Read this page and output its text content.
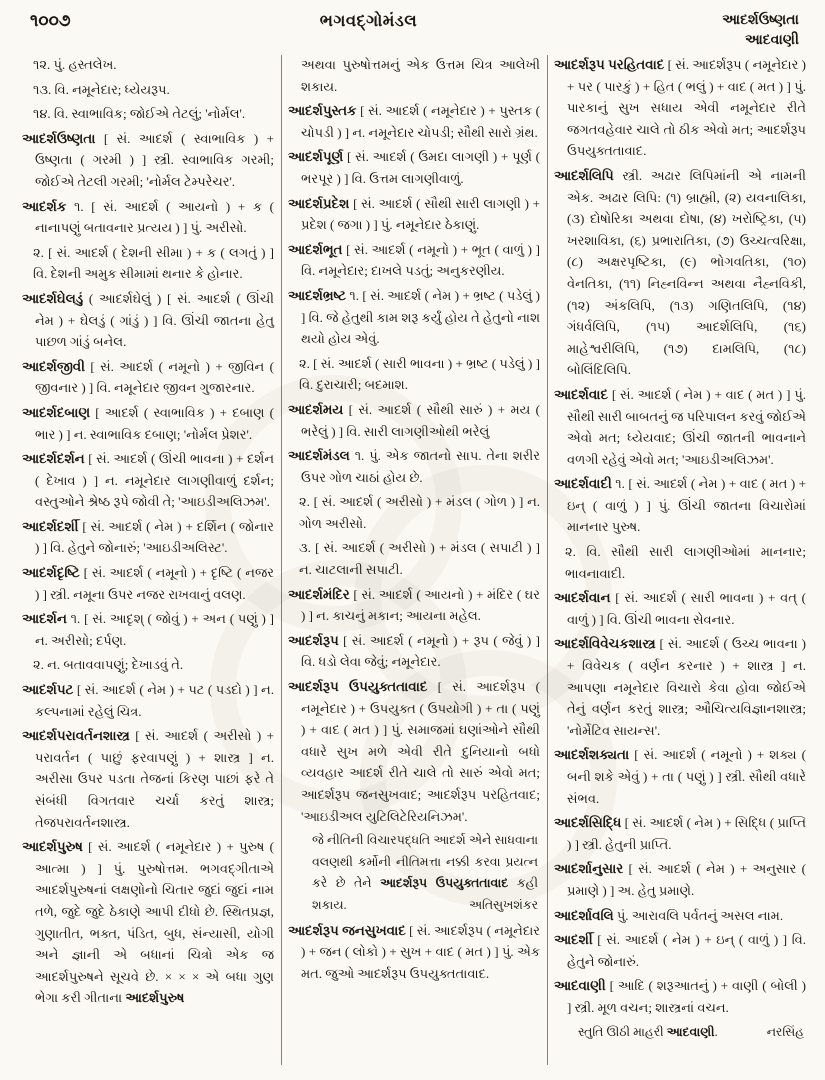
૧૦૦૭	ભગવદ્ગોમંડલ	આદર્શઉષ્ણતા
આદવાણી

૧૨. પું. હસ્તલેખ.

૧૩. વિ. નમૂનેદાર; ધ્યેયરૂપ.

૧૪. વિ. સ્વાભાવિક; જોઈએ તેટલું; 'નોર્મલ'.

આદર્શઉષ્ણતા [ સં. આદર્શ ( સ્વાભાવિક ) + ઉષ્ણતા ( ગરમી ) ] સ્ત્રી. સ્વાભાવિક ગરમી; જોઈએ તેટલી ગરમી; 'નોર્મલ ટેમ્પરેચર'.

આદર્શક ૧. [ સં. આદર્શ ( આયનો ) + ક ( નાનાપણું બતાવનાર પ્રત્યય ) ] પું. અરીસો.

૨. [ સં. આદર્શ ( દેશની સીમા ) + ક ( લગતું ) ] વિ. દેશની અમુક સીમામાં થનાર કે હોનાર.

આદર્શઘેલડું ( આદર્શઘેલું ) [ સં. આદર્શ ( ઊંચી નેમ ) + ઘેલડું ( ગાંડું ) ] વિ. ઊંચી જાતના હેતુ પાછળ ગાંડું બનેલ.

આદર્શજીવી [ સં. આદર્શ ( નમૂનો ) + જીવિન ( જીવનાર ) ] વિ. નમૂનેદાર જીવન ગુજારનાર.

આદર્શદબાણ [ આદર્શ ( સ્વાભાવિક ) + દબાણ ( ભાર ) ] ન. સ્વાભાવિક દબાણ; 'નોર્મલ પ્રેશર'.

આદર્શદર્શન [ સં. આદર્શ ( ઊંચી ભાવના ) + દર્શન ( દેખાવ ) ] ન. નમૂનેદાર લાગણીવાળું દર્શન; વસ્તુઓને શ્રેષ્ઠ રૂપે જોવી તે; 'આઇડીઅલિઝમ'.

આદર્શદર્શી [ સં. આદર્શ ( નેમ ) + દર્શિન ( જોનાર ) ] વિ. હેતુને જોનારું; 'આઇડીઅલિસ્ટ'.

આદર્શદૃષ્ટિ [ સં. આદર્શ ( નમૂનો ) + દૃષ્ટિ ( નજર ) ] સ્ત્રી. નમૂના ઉપર નજર રાખવાનું વલણ.

આદર્શન ૧. [ સં. આદૃશ્ ( જોવું ) + અન ( પણું ) ] ન. અરીસો; દર્પણ.

૨. ન. બતાવવાપણું; દેખાડવું તે.

આદર્શપટ [ સં. આદર્શ ( નેમ ) + પટ ( પડદો ) ] ન. કલ્પનામાં રહેલું ચિત્ર.

આદર્શપરાવર્તનશાસ્ત્ર [ સં. આદર્શ ( અરીસો ) + પરાવર્તન ( પાછું ફરવાપણું ) + શાસ્ત્ર ] ન. અરીસા ઉપર પડતા તેજનાં કિરણ પાછાં ફરે તે સંબંધી વિગતવાર ચર્ચા કરતું શાસ્ત્ર; તેજપરાવર્તનશાસ્ત્ર.

આદર્શપુરુષ [ સં. આદર્શ ( નમૂનેદાર ) + પુરુષ ( આત્મા ) ] પું. પુરુષોત્તમ. ભગવદ્ગીતાએ આદર્શપુરુષનાં લક્ષણોનો ચિતાર જુદાં જુદાં નામ તળે, જુદે જુદે ઠેકાણે આપી દીધો છે. સ્થિતપ્રજ્ઞ, ગુણાતીત, ભક્ત, પંડિત, બુધ, સંન્યાસી, યોગી અને જ્ઞાની એ બધાનાં ચિત્રો એક જ આદર્શપુરુષને સૂચવે છે. × × × એ બધા ગુણ ભેગા કરી ગીતાના આદર્શપુરુષ

અથવા પુરુષોત્તમનું એક ઉત્તમ ચિત્ર આલેખી શકાય.

આદર્શપુસ્તક [ સં. આદર્શ ( નમૂનેદાર ) + પુસ્તક ( ચોપડી ) ] ન. નમૂનેદાર ચોપડી; સૌથી સારો ગ્રંથ.

આદર્શપૂર્ણ [ સં. આદર્શ ( ઉમદા લાગણી ) + પૂર્ણ ( ભરપૂર ) ] વિ. ઉત્તમ લાગણીવાળું.

આદર્શપ્રદેશ [ સં. આદર્શ ( સૌથી સારી લાગણી ) + પ્રદેશ ( જગા ) ] પું. નમૂનેદાર ઠેકાણું.

આદર્શભૂત [ સં. આદર્શ ( નમૂનો ) + ભૂત ( વાળું ) ] વિ. નમૂનેદાર; દાખલે પડતું; અનુકરણીય.

આદર્શભ્રષ્ટ ૧. [ સં. આદર્શ ( નેમ ) + ભ્રષ્ટ ( પડેલું ) ] વિ. જે હેતુથી કામ શરૂ કર્યું હોય તે હેતુનો નાશ થયો હોય એવું.

૨. [ સં. આદર્શ ( સારી ભાવના ) + ભ્રષ્ટ ( પડેલું ) ] વિ. દુરાચારી; બદમાશ.

આદર્શમય [ સં. આદર્શ ( સૌથી સારું ) + મય ( ભરેલું ) ] વિ. સારી લાગણીઓથી ભરેલું

આદર્શમંડલ ૧. પું. એક જાતનો સાપ. તેના શરીર ઉપર ગોળ ચાઠાં હોય છે.

૨. [ સં. આદર્શ ( અરીસો ) + મંડલ ( ગોળ ) ] ન. ગોળ અરીસો.

૩. [ સં. આદર્શ ( અરીસો ) + મંડલ ( સપાટી ) ] ન. ચાટલાની સપાટી.

આદર્શમંદિર [ સં. આદર્શ ( આયનો ) + મંદિર ( ઘર ) ] ન. કાચનું મકાન; આયના મહેલ.

આદર્શરૂપ [ સં. આદર્શ ( નમૂનો ) + રૂપ ( જેવું ) ] વિ. ધડો લેવા જેવું; નમૂનેદાર.

આદર્શરૂપ ઉપયુક્તતાવાદ [ સં. આદર્શરૂપ ( નમૂનેદાર ) + ઉપયુક્ત ( ઉપયોગી ) + તા ( પણું ) + વાદ ( મત ) ] પું. સમાજમાં ઘણાંઓને સૌથી વધારે સુખ મળે એવી રીતે દુનિયાનો બધો વ્યવહાર આદર્શ રીતે ચાલે તો સારું એવો મત; આદર્શરૂપ જનસુખવાદ; આદર્શરૂપ પરહિતવાદ; 'આઇડીઅલ યુટિલિટેરિયનિઝમ'.

જે નીતિની વિચારપદ્ધતિ આદર્શ એને સાધવાના વલણથી કર્મોની નીતિમત્તા નક્કી કરવા પ્રયત્ન કરે છે તેને આદર્શરૂપ ઉપયુક્તતાવાદ કહી શકાય.	અતિસુખશંકર

આદર્શરૂપ જનસુખવાદ [ સં. આદર્શરૂપ ( નમૂનેદાર ) + જન ( લોકો ) + સુખ + વાદ ( મત ) ] પું. એક મત. જુઓ આદર્શરૂપ ઉપયુક્તતાવાદ.

આદર્શરૂપ પરહિતવાદ [ સં. આદર્શરૂપ ( નમૂનેદાર ) + પર ( પારકું ) + હિત ( ભલું ) + વાદ ( મત ) ] પું. પારકાનું સુખ સધાય એવી નમૂનેદાર રીતે જગતવહેવાર ચાલે તો ઠીક એવો મત; આદર્શરૂપ ઉપયુક્તતાવાદ.

આદર્શલિપિ સ્ત્રી. અઢાર લિપિમાંની એ નામની એક. અઢાર લિપિ: (૧) બ્રાહ્મી, (૨) યવનાલિકા, (૩) દોષોરિકા અથવા દોષા, (૪) ખરોષ્ટ્રિકા, (૫) ખરશાવિકા, (૬) પ્રભારાતિકા, (૭) ઉચ્ચત્વરિક્ષા, (૮) અક્ષરપૃષ્ટિકા, (૯) ભોગવતિકા, (૧૦) વેનતિકા, (૧૧) નિહ્નવિન્ન અથવા નૈહ્નવિકી, (૧૨) અંકલિપિ, (૧૩) ગણિતલિપિ, (૧૪) ગંધર્વલિપિ, (૧૫) આદર્શલિપિ, (૧૬) માહેશ્વરીલિપિ, (૧૭) દામલિપિ, (૧૮) બોલિંદિલિપિ.

આદર્શવાદ [ સં. આદર્શ ( નેમ ) + વાદ ( મત ) ] પું. સૌથી સારી બાબતનું જ પરિપાલન કરવું જોઈએ એવો મત; ધ્યેયવાદ; ઊંચી જાતની ભાવનાને વળગી રહેવું એવો મત; 'આઇડીઅલિઝમ'.

આદર્શવાદી ૧. [ સં. આદર્શ ( નેમ ) + વાદ ( મત ) + ઇન્ ( વાળું ) ] પું. ઊંચી જાતના વિચારોમાં માનનાર પુરુષ.

૨. વિ. સૌથી સારી લાગણીઓમાં માનનાર; ભાવનાવાદી.

આદર્શવાન [ સં. આદર્શ ( સારી ભાવના ) + વત્ ( વાળું ) ] વિ. ઊંચી ભાવના સેવનાર.

આદર્શવિવેચકશાસ્ત્ર [ સં. આદર્શ ( ઉચ્ચ ભાવના ) + વિવેચક ( વર્ણન કરનાર ) + શાસ્ત્ર ] ન. આપણા નમૂનેદાર વિચારો કેવા હોવા જોઈએ તેનું વર્ણન કરતું શાસ્ત્ર; ઔચિત્યવિજ્ઞાનશાસ્ત્ર; 'નોર્મેટિવ સાયન્સ'.

આદર્શશક્યતા [ સં. આદર્શ ( નમૂનો ) + શક્ય ( બની શકે એવું ) + તા ( પણું ) ] સ્ત્રી. સૌથી વધારે સંભવ.

આદર્શસિદ્ધિ [ સં. આદર્શ ( નેમ ) + સિદ્ધિ ( પ્રાપ્તિ ) ] સ્ત્રી. હેતુની પ્રાપ્તિ.

આદર્શાનુસાર [ સં. આદર્શ ( નેમ ) + અનુસાર ( પ્રમાણે ) ] અ. હેતુ પ્રમાણે.

આદર્શાવલિ પું. આરાવલિ પર્વતનું અસલ નામ.

આદર્શી [ સં. આદર્શ ( નેમ ) + ઇન્ ( વાળું ) ] વિ. હેતુને જોનારું.

આદવાણી [ આદિ ( શરૂઆતનું ) + વાણી ( બોલી ) ] સ્ત્રી. મૂળ વચન; શાસ્ત્રનાં વચન.

સ્તુતિ ઊઠી માહરી આદવાણી.	નરસિંહ
